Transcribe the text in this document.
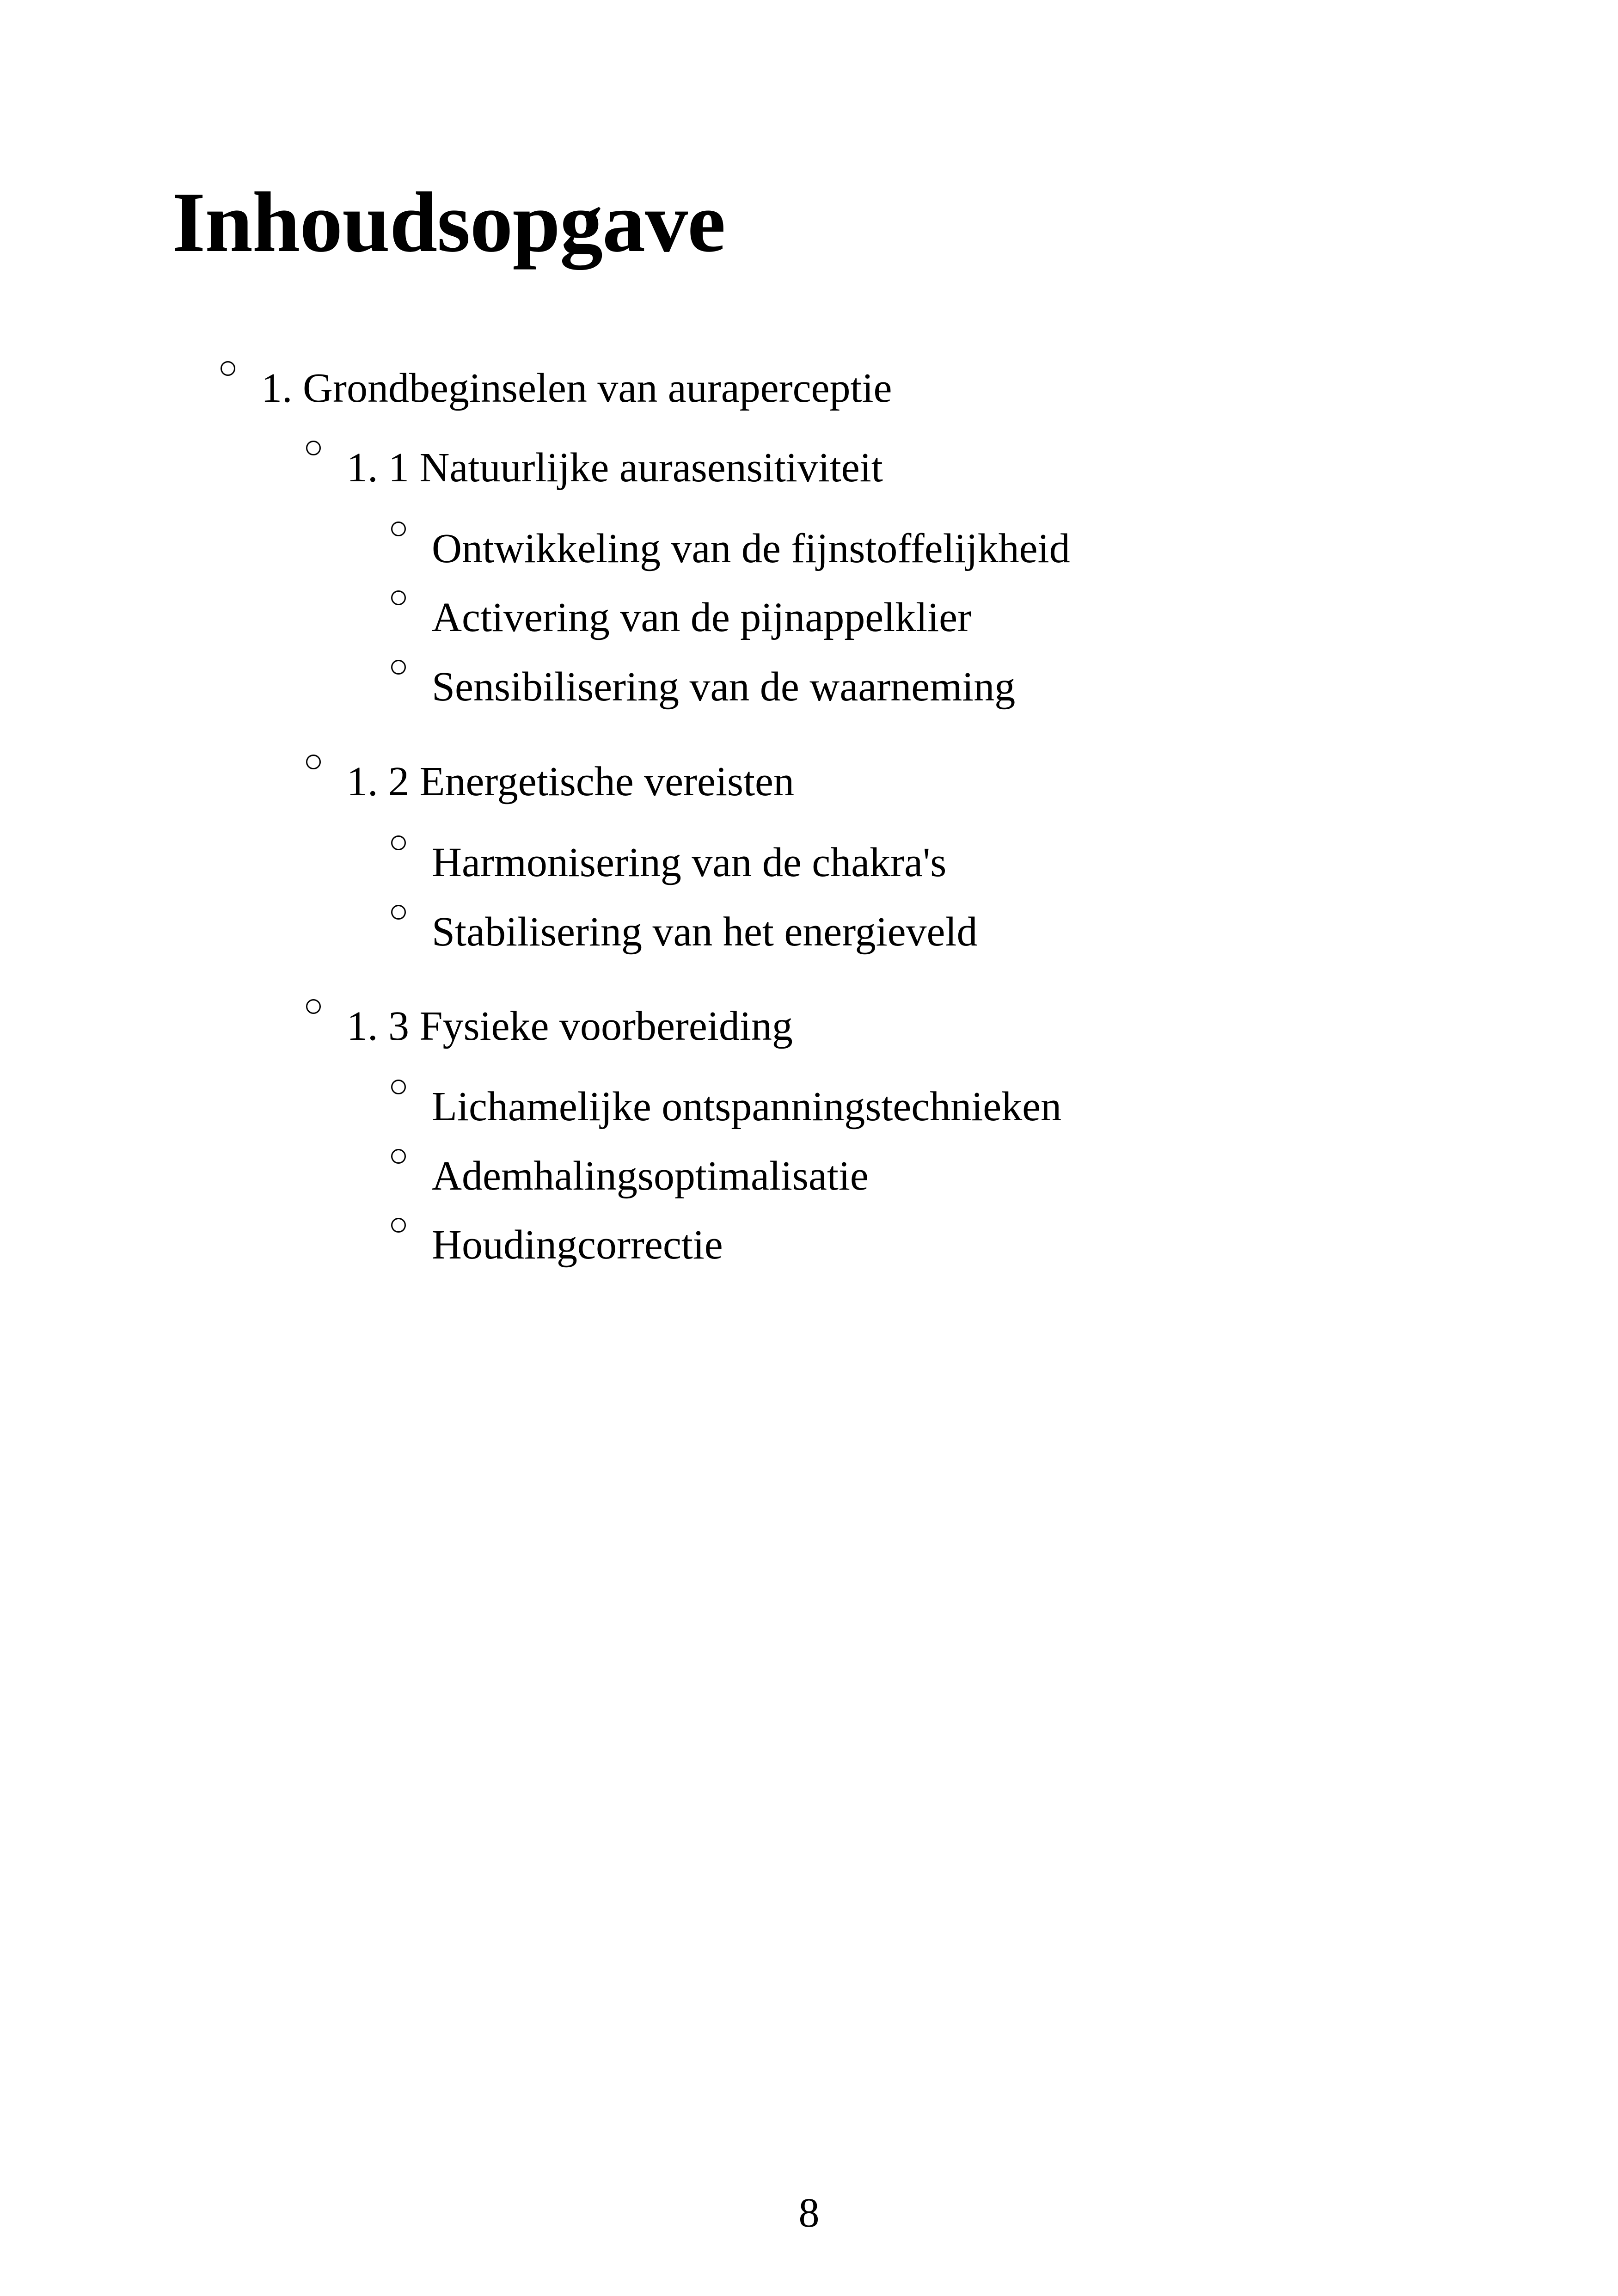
Inhoudsopgave
1. Grondbeginselen van auraperceptie
1. 1 Natuurlijke aurasensitiviteit
Ontwikkeling van de fijnstoffelijkheid
Activering van de pijnappelklier
Sensibilisering van de waarneming
1. 2 Energetische vereisten
Harmonisering van de chakra's
Stabilisering van het energieveld
1. 3 Fysieke voorbereiding
Lichamelijke ontspanningstechnieken
Ademhalingsoptimalisatie
Houdingcorrectie
8
